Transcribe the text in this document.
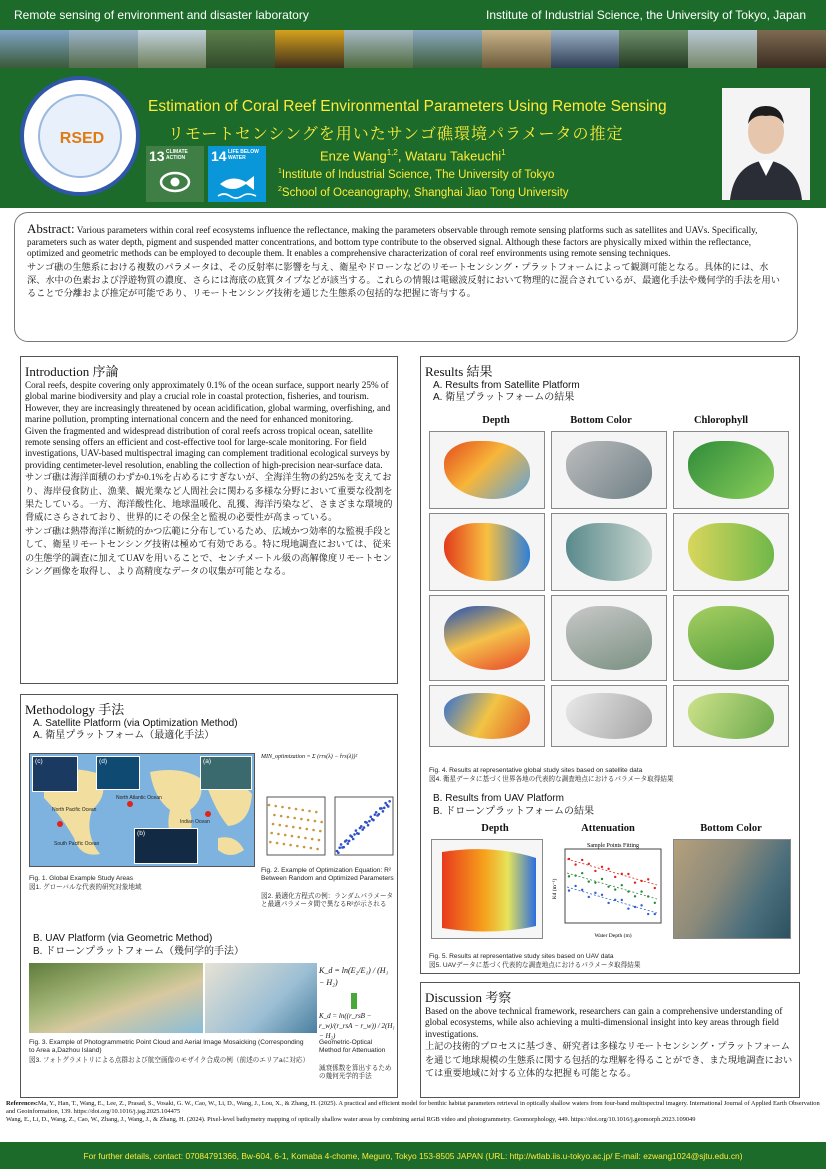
Remote sensing of environment and disaster laboratory	Institute of Industrial Science, the University of Tokyo, Japan
RSED
13 CLIMATE ACTION	14 LIFE BELOW WATER
Estimation of Coral Reef Environmental Parameters Using Remote Sensing
リモートセンシングを用いたサンゴ礁環境パラメータの推定
Enze Wang$^{1,2}$, Wataru Takeuchi$^1$
$^1$Institute of Industrial Science, The University of Tokyo
$^2$School of Oceanography, Shanghai Jiao Tong University
Abstract: Various parameters within coral reef ecosystems influence the reflectance, making the parameters observable through remote sensing platforms such as satellites and UAVs. Specifically, parameters such as water depth, pigment and suspended matter concentrations, and bottom type contribute to the observed signal. Although these factors are physically mixed within the reflectance, optimized and geometric methods can be employed to decouple them. It enables a comprehensive characterization of coral reef environments using remote sensing techniques.
サンゴ礁の生態系における複数のパラメータは、その反射率に影響を与え、衛星やドローンなどのリモートセンシング・プラットフォームによって観測可能となる。具体的には、水深、水中の色素および浮遊物質の濃度、さらには海底の底質タイプなどが該当する。これらの情報は電磁波反射において物理的に混合されているが、最適化手法や幾何学的手法を用いることで分離および推定が可能であり、リモートセンシング技術を通じた生態系の包括的な把握に寄与する。
Introduction 序論

Coral reefs, despite covering only approximately 0.1% of the ocean surface, support nearly 25% of global marine biodiversity and play a crucial role in coastal protection, fisheries, and tourism. However, they are increasingly threatened by ocean acidification, global warming, overfishing, and marine pollution, prompting international concern and the need for enhanced monitoring.

Given the fragmented and widespread distribution of coral reefs across tropical ocean, satellite remote sensing offers an efficient and cost-effective tool for large-scale monitoring. For field investigations, UAV-based multispectral imaging can complement traditional ecological surveys by providing centimeter-level resolution, enabling the collection of high-precision near-surface data.

サンゴ礁は海洋面積のわずか0.1%を占めるにすぎないが、全海洋生物の約25%を支えており、海岸侵食防止、漁業、観光業など人間社会に関わる多様な分野において重要な役割を果たしている。一方、海洋酸性化、地球温暖化、乱獲、海洋汚染など、さまざまな環境的脅威にさらされており、世界的にその保全と監視の必要性が高まっている。

サンゴ礁は熱帯海洋に断続的かつ広範に分布しているため、広域かつ効率的な監視手段として、衛星リモートセンシング技術は極めて有効である。特に現地調査においては、従来の生態学的調査に加えてUAVを用いることで、センチメートル級の高解像度リモートセンシング画像を取得し、より高精度なデータの収集が可能となる。

Methodology 手法
A. Satellite Platform (via Optimization Method)
A. 衛星プラットフォーム（最適化手法）
(c)	(d)	(a)
(b)
North Pacific Ocean
South Pacific Ocean
Indian Ocean
North Atlantic Ocean
Fig. 1. Global Example Study Areas
図1. グローバルな代表的研究対象地域
MIN_optimization = Σ (rrs(λ) − r̂rs(λ))²
Fig. 2. Example of Optimization Equation: R² Between Random and Optimized Parameters
図2. 最適化方程式の例：ランダムパラメータと最適パラメータ間で異なるR²が示される
B. UAV Platform (via Geometric Method)
B. ドローンプラットフォーム（幾何学的手法）
Fig. 3. Example of Photogrammetric Point Cloud and Aerial Image Mosaicking (Corresponding to Area a,Dazhou Island)
図3. フォトグラメトリによる点群および航空画像のモザイク合成の例（前述のエリアaに対応）
K_d = ln(E₂/E₁) / (H₁ − H₂)
K_d = ln((r_rsB − r_w)/(r_rsA − r_w)) / 2(H₁ − H₂)
Geometric-Optical Method for Attenuation
減衰係数を算出するための幾何光学的手法
Results 結果
A. Results from Satellite Platform
A. 衛星プラットフォームの結果
Depth	Bottom Color	Chlorophyll
Fig. 4. Results at representative global study sites based on satellite data
図4. 衛星データに基づく世界各地の代表的な調査地点におけるパラメータ取得結果
B. Results from UAV Platform
B. ドローンプラットフォームの結果
Depth	Attenuation	Bottom Color
Sample Points Fitting
Water Depth (m)
Kd (m⁻¹)
Fig. 5. Results at representative study sites based on UAV data
図5. UAVデータに基づく代表的な調査地点におけるパラメータ取得結果
Discussion 考察

Based on the above technical framework, researchers can gain a comprehensive understanding of global ecosystems, while also achieving a multi-dimensional insight into key areas through field investigations.

上記の技術的プロセスに基づき、研究者は多様なリモートセンシング・プラットフォームを通じて地球規模の生態系に関する包括的な理解を得ることができ、また現地調査においては重要地域に対する立体的な把握も可能となる。

References:Ma, Y., Han, T., Wang, E., Lee, Z., Prasad, S., Vosaki, G. W., Cao, W., Li, D., Wang, J., Lou, X., & Zhang, H. (2025). A practical and efficient model for benthic habitat parameters retrieval in optically shallow waters from four-band multispectral imagery. International Journal of Applied Earth Observation and Geoinformation, 139. https://doi.org/10.1016/j.jag.2025.104475
Wang, E., Li, D., Wang, Z., Cao, W., Zhang, J., Wang, J., & Zhang, H. (2024). Pixel-level bathymetry mapping of optically shallow water areas by combining aerial RGB video and photogrammetry. Geomorphology, 449. https://doi.org/10.1016/j.geomorph.2023.109049
For further details, contact: 07084791366, Bw-604, 6-1, Komaba 4-chome, Meguro, Tokyo 153-8505 JAPAN (URL: http://wtlab.iis.u-tokyo.ac.jp/ E-mail: ezwang1024@sjtu.edu.cn)
